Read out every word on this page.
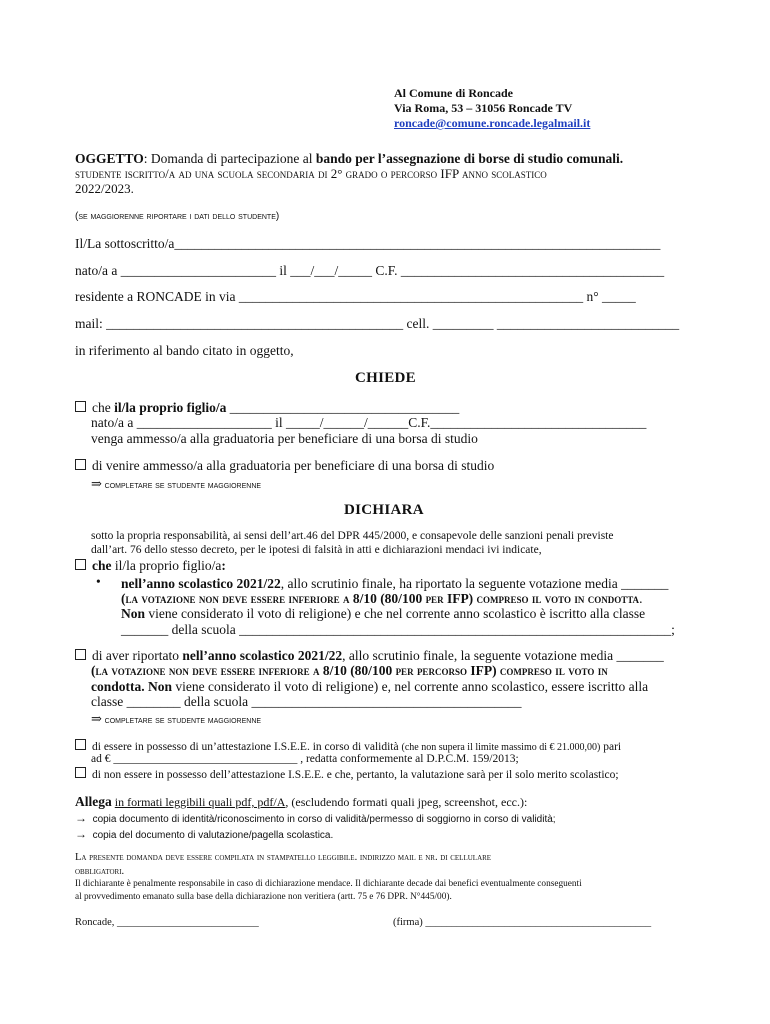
Al Comune di Roncade
Via Roma, 53 – 31056 Roncade TV
roncade@comune.roncade.legalmail.it
OGGETTO: Domanda di partecipazione al bando per l’assegnazione di borse di studio comunali.
studente iscritto/a ad una scuola secondaria di 2° grado o percorso IFP anno scolastico
2022/2023.
(se maggiorenne riportare i dati dello studente)
Il/La sottoscritto/a________________________________________________________________________
nato/a a _______________________ il ___/___/_____ C.F. _______________________________________
residente a RONCADE in via ___________________________________________________ n° _____
mail: ____________________________________________ cell. _________ ___________________________
in riferimento al bando citato in oggetto,
CHIEDE
che il/la proprio figlio/a __________________________________
nato/a a ____________________ il _____/______/______C.F.________________________________
venga ammesso/a alla graduatoria per beneficiare di una borsa di studio
di venire ammesso/a alla graduatoria per beneficiare di una borsa di studio
⇒ completare se studente maggiorenne
DICHIARA
sotto la propria responsabilità, ai sensi dell’art.46 del DPR 445/2000, e consapevole delle sanzioni penali previste
dall’art. 76 dello stesso decreto, per le ipotesi di falsità in atti e dichiarazioni mendaci ivi indicate,
che il/la proprio figlio/a:
• nell’anno scolastico 2021/22, allo scrutinio finale, ha riportato la seguente votazione media _______
(la votazione non deve essere inferiore a 8/10 (80/100 per IFP) compreso il voto in condotta.
Non viene considerato il voto di religione) e che nel corrente anno scolastico è iscritto alla classe
_______ della scuola ________________________________________________________________;
di aver riportato nell’anno scolastico 2021/22, allo scrutinio finale, la seguente votazione media _______
(la votazione non deve essere inferiore a 8/10 (80/100 per percorso IFP) compreso il voto in
condotta. Non viene considerato il voto di religione) e, nel corrente anno scolastico, essere iscritto alla
classe ________ della scuola ________________________________________
⇒ completare se studente maggiorenne
di essere in possesso di un’attestazione I.S.E.E. in corso di validità (che non supera il limite massimo di € 21.000,00) pari
ad € ________________________________ , redatta conformemente al D.P.C.M. 159/2013;
di non essere in possesso dell’attestazione I.S.E.E. e che, pertanto, la valutazione sarà per il solo merito scolastico;
Allega in formati leggibili quali pdf, pdf/A, (escludendo formati quali jpeg, screenshot, ecc.):
→ copia documento di identità/riconoscimento in corso di validità/permesso di soggiorno in corso di validità;
→ copia del documento di valutazione/pagella scolastica.
La presente domanda deve essere compilata in stampatello leggibile. indirizzo mail e nr. di cellulare
obbligatori.
Il dichiarante è penalmente responsabile in caso di dichiarazione mendace. Il dichiarante decade dai benefici eventualmente conseguenti
al provvedimento emanato sulla base della dichiarazione non veritiera (artt. 75 e 76 DPR. N°445/00).
Roncade, ___________________________	(firma) ___________________________________________
